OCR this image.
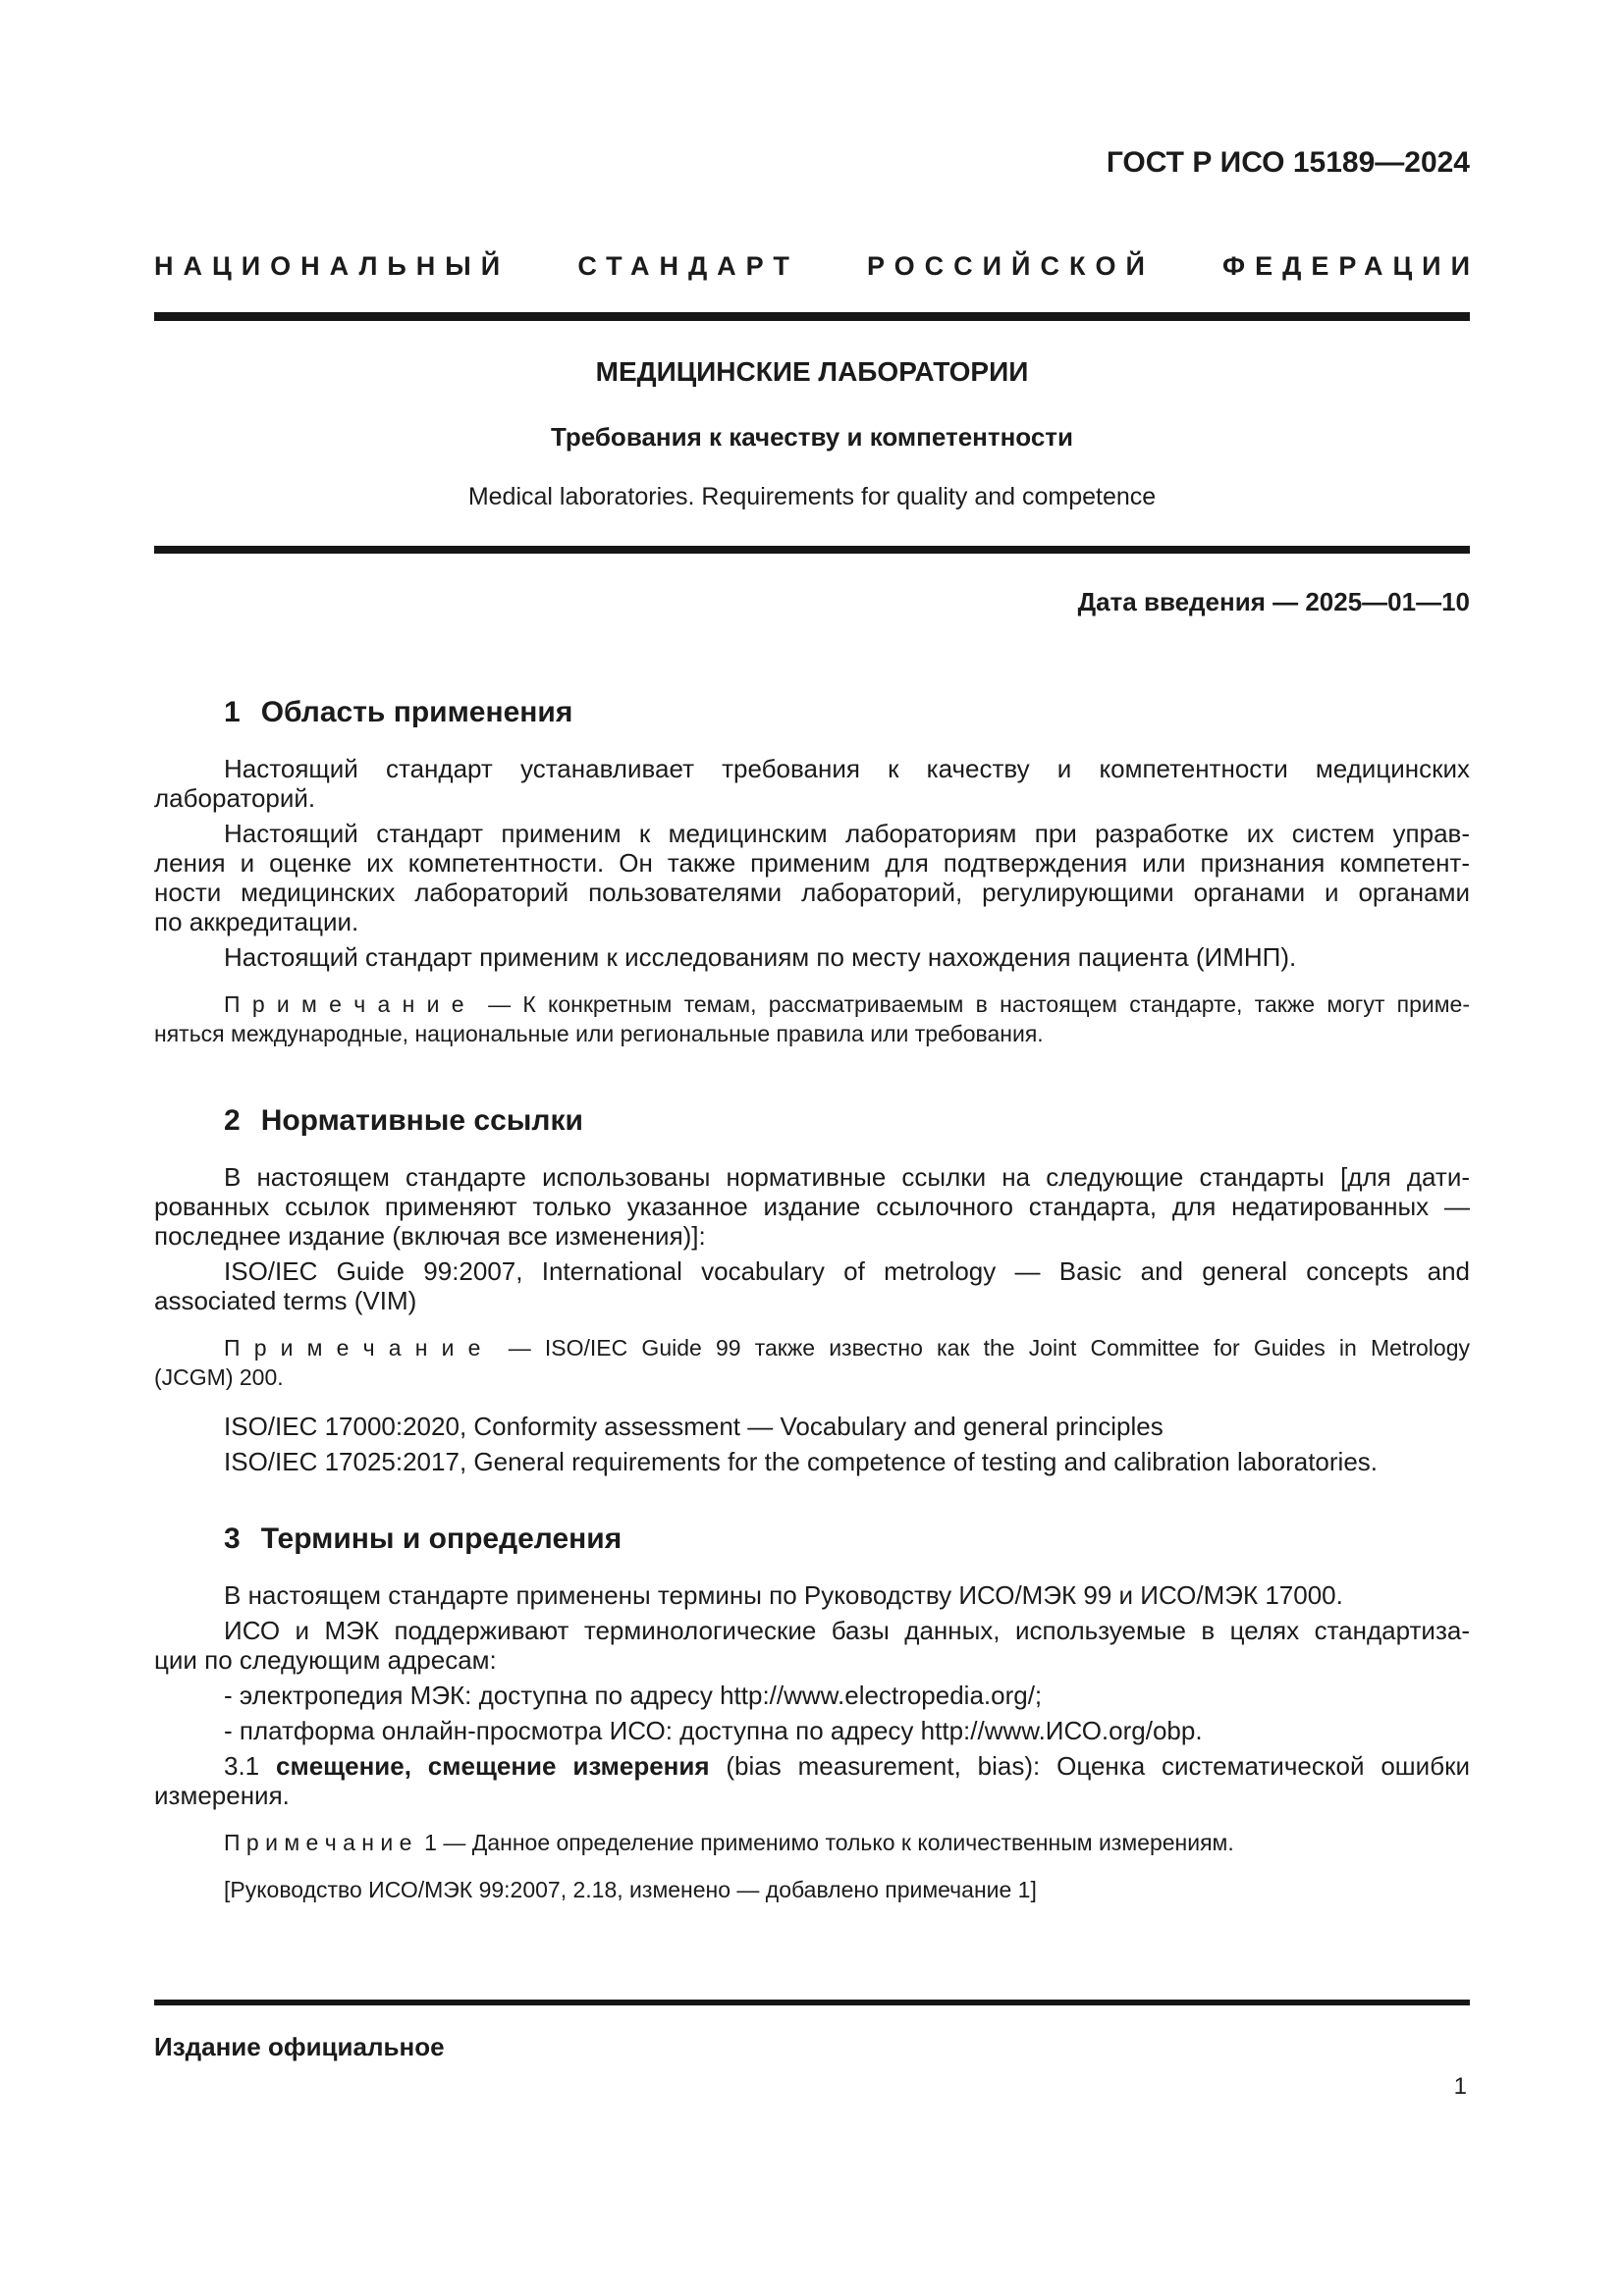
ГОСТ Р ИСО 15189—2024
НАЦИОНАЛЬНЫЙ	СТАНДАРТ	РОССИЙСКОЙ	ФЕДЕРАЦИИ
МЕДИЦИНСКИЕ ЛАБОРАТОРИИ
Требования к качеству и компетентности
Medical laboratories. Requirements for quality and competence
Дата введения — 2025—01—10
1 Область применения
Настоящий стандарт устанавливает требования к качеству и компетентности медицинских
лабораторий.
Настоящий стандарт применим к медицинским лабораториям при разработке их систем управ-
ления и оценке их компетентности. Он также применим для подтверждения или признания компетент-
ности медицинских лабораторий пользователями лабораторий, регулирующими органами и органами
по аккредитации.
Настоящий стандарт применим к исследованиям по месту нахождения пациента (ИМНП).
П р и м е ч а н и е  — К конкретным темам, рассматриваемым в настоящем стандарте, также могут приме-
няться международные, национальные или региональные правила или требования.
2 Нормативные ссылки
В настоящем стандарте использованы нормативные ссылки на следующие стандарты [для дати-
рованных ссылок применяют только указанное издание ссылочного стандарта, для недатированных —
последнее издание (включая все изменения)]:
ISO/IEC Guide 99:2007, International vocabulary of metrology — Basic and general concepts and
associated terms (VIM)
П р и м е ч а н и е  — ISO/IEC Guide 99 также известно как the Joint Committee for Guides in Metrology
(JCGM) 200.
ISO/IEC 17000:2020, Conformity assessment — Vocabulary and general principles
ISO/IEC 17025:2017, General requirements for the competence of testing and calibration laboratories.
3 Термины и определения
В настоящем стандарте применены термины по Руководству ИСО/МЭК 99 и ИСО/МЭК 17000.
ИСО и МЭК поддерживают терминологические базы данных, используемые в целях стандартиза-
ции по следующим адресам:
- электропедия МЭК: доступна по адресу http://www.electropedia.org/;
- платформа онлайн-просмотра ИСО: доступна по адресу http://www.ИСО.org/obp.
3.1 смещение, смещение измерения (bias measurement, bias): Оценка систематической ошибки
измерения.
П р и м е ч а н и е  1 — Данное определение применимо только к количественным измерениям.
[Руководство ИСО/МЭК 99:2007, 2.18, изменено — добавлено примечание 1]
Издание официальное
1
